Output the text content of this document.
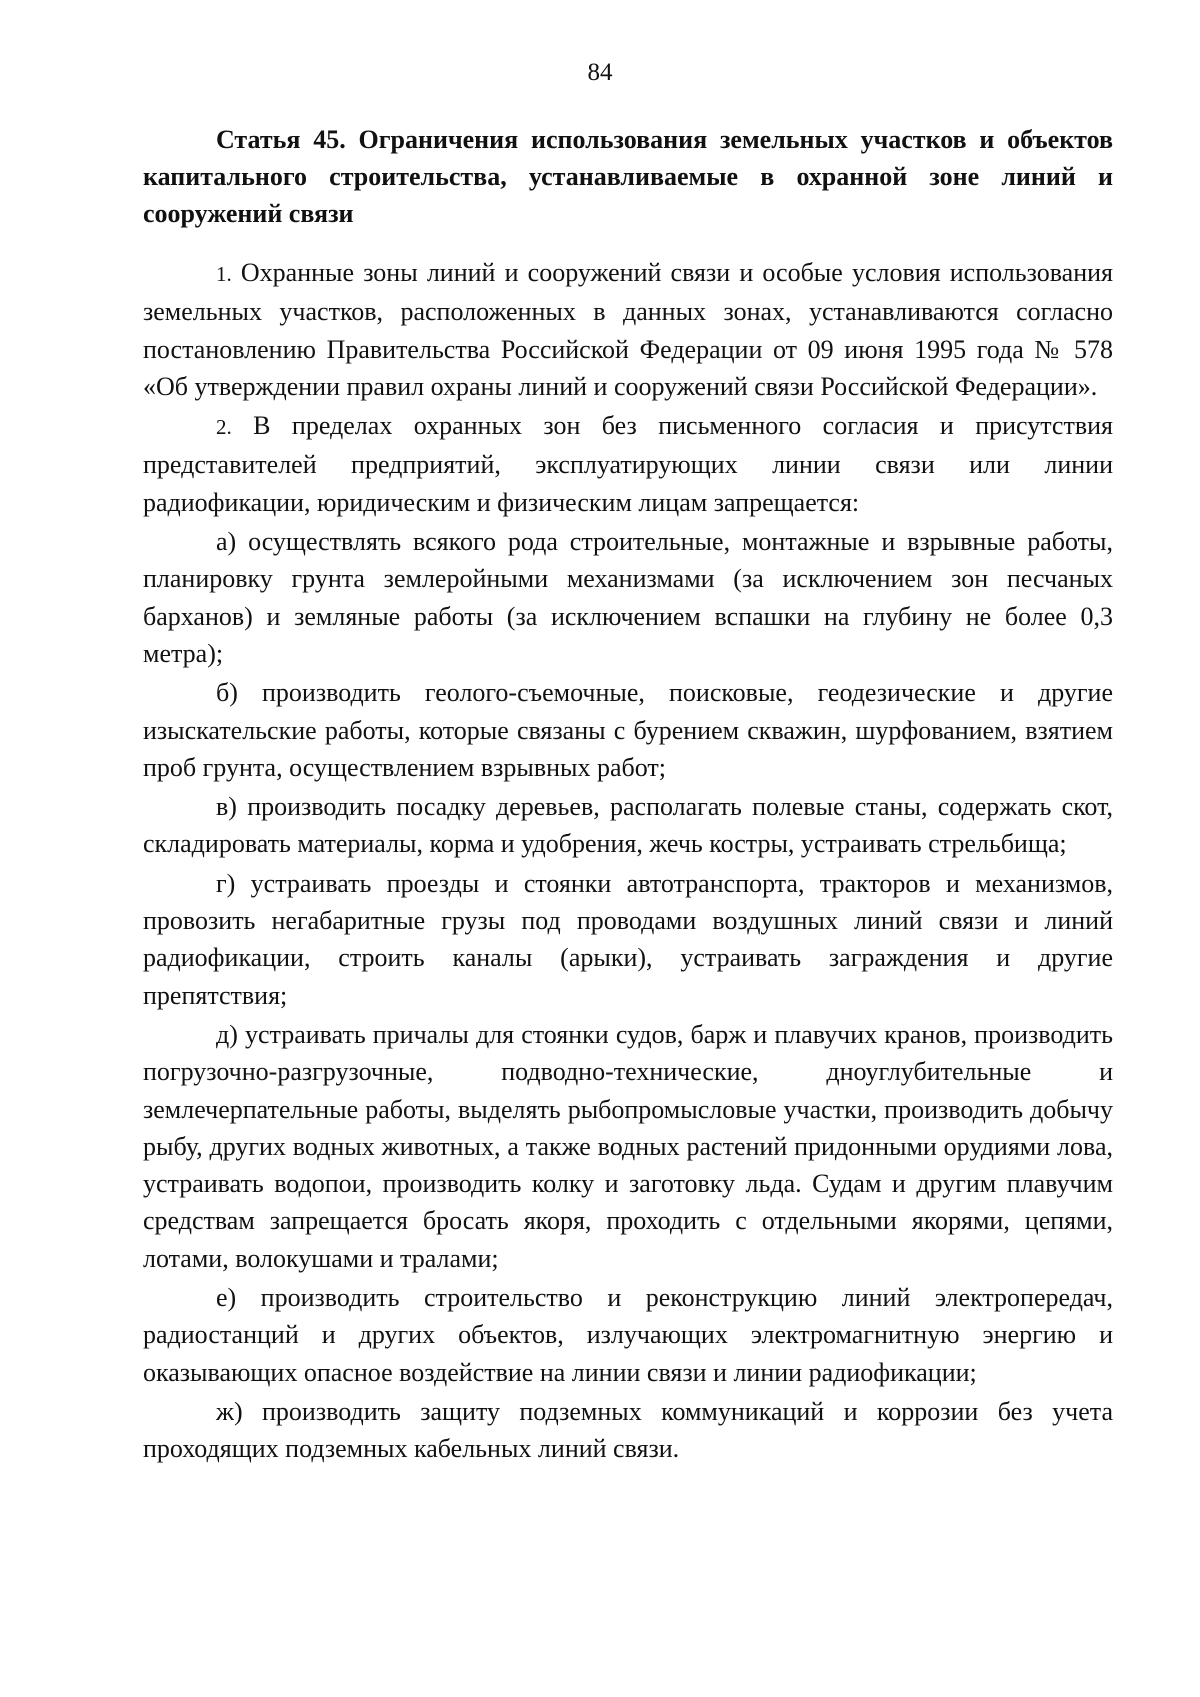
84
Статья 45. Ограничения использования земельных участков и объектов капитального строительства, устанавливаемые в охранной зоне линий и сооружений связи

1. Охранные зоны линий и сооружений связи и особые условия использования земельных участков, расположенных в данных зонах, устанавливаются согласно постановлению Правительства Российской Федерации от 09 июня 1995 года № 578 «Об утверждении правил охраны линий и сооружений связи Российской Федерации».

2. В пределах охранных зон без письменного согласия и присутствия представителей предприятий, эксплуатирующих линии связи или линии радиофикации, юридическим и физическим лицам запрещается:

а) осуществлять всякого рода строительные, монтажные и взрывные работы, планировку грунта землеройными механизмами (за исключением зон песчаных барханов) и земляные работы (за исключением вспашки на глубину не более 0,3 метра);

б) производить геолого-съемочные, поисковые, геодезические и другие изыскательские работы, которые связаны с бурением скважин, шурфованием, взятием проб грунта, осуществлением взрывных работ;

в) производить посадку деревьев, располагать полевые станы, содержать скот, складировать материалы, корма и удобрения, жечь костры, устраивать стрельбища;

г) устраивать проезды и стоянки автотранспорта, тракторов и механизмов, провозить негабаритные грузы под проводами воздушных линий связи и линий радиофикации, строить каналы (арыки), устраивать заграждения и другие препятствия;

д) устраивать причалы для стоянки судов, барж и плавучих кранов, производить погрузочно-разгрузочные, подводно-технические, дноуглубительные и землечерпательные работы, выделять рыбопромысловые участки, производить добычу рыбу, других водных животных, а также водных растений придонными орудиями лова, устраивать водопои, производить колку и заготовку льда. Судам и другим плавучим средствам запрещается бросать якоря, проходить с отдельными якорями, цепями, лотами, волокушами и тралами;

е) производить строительство и реконструкцию линий электропередач, радиостанций и других объектов, излучающих электромагнитную энергию и оказывающих опасное воздействие на линии связи и линии радиофикации;

ж) производить защиту подземных коммуникаций и коррозии без учета проходящих подземных кабельных линий связи.
